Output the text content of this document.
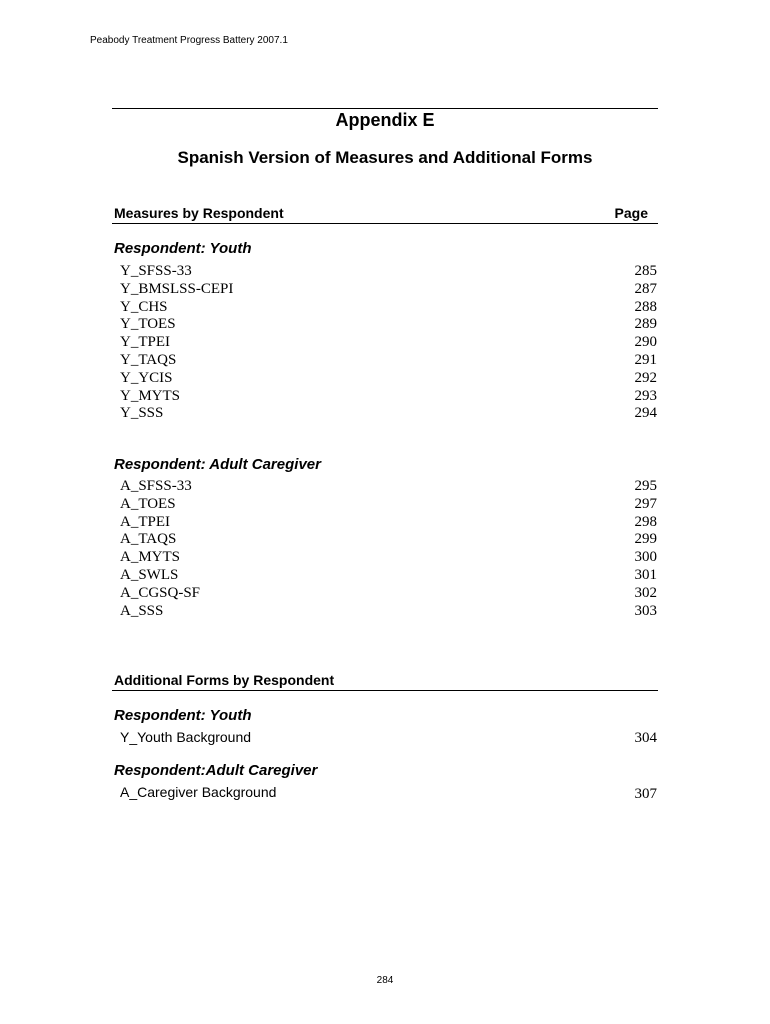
Peabody Treatment Progress Battery 2007.1
Appendix E
Spanish Version of Measures and Additional Forms
Measures by Respondent	Page
Respondent: Youth
Y_SFSS-33	285
Y_BMSLSS-CEPI	287
Y_CHS	288
Y_TOES	289
Y_TPEI	290
Y_TAQS	291
Y_YCIS	292
Y_MYTS	293
Y_SSS	294
Respondent: Adult Caregiver
A_SFSS-33	295
A_TOES	297
A_TPEI	298
A_TAQS	299
A_MYTS	300
A_SWLS	301
A_CGSQ-SF	302
A_SSS	303
Additional Forms by Respondent
Respondent: Youth
Y_Youth Background	304
Respondent:Adult Caregiver
A_Caregiver Background	307
284
